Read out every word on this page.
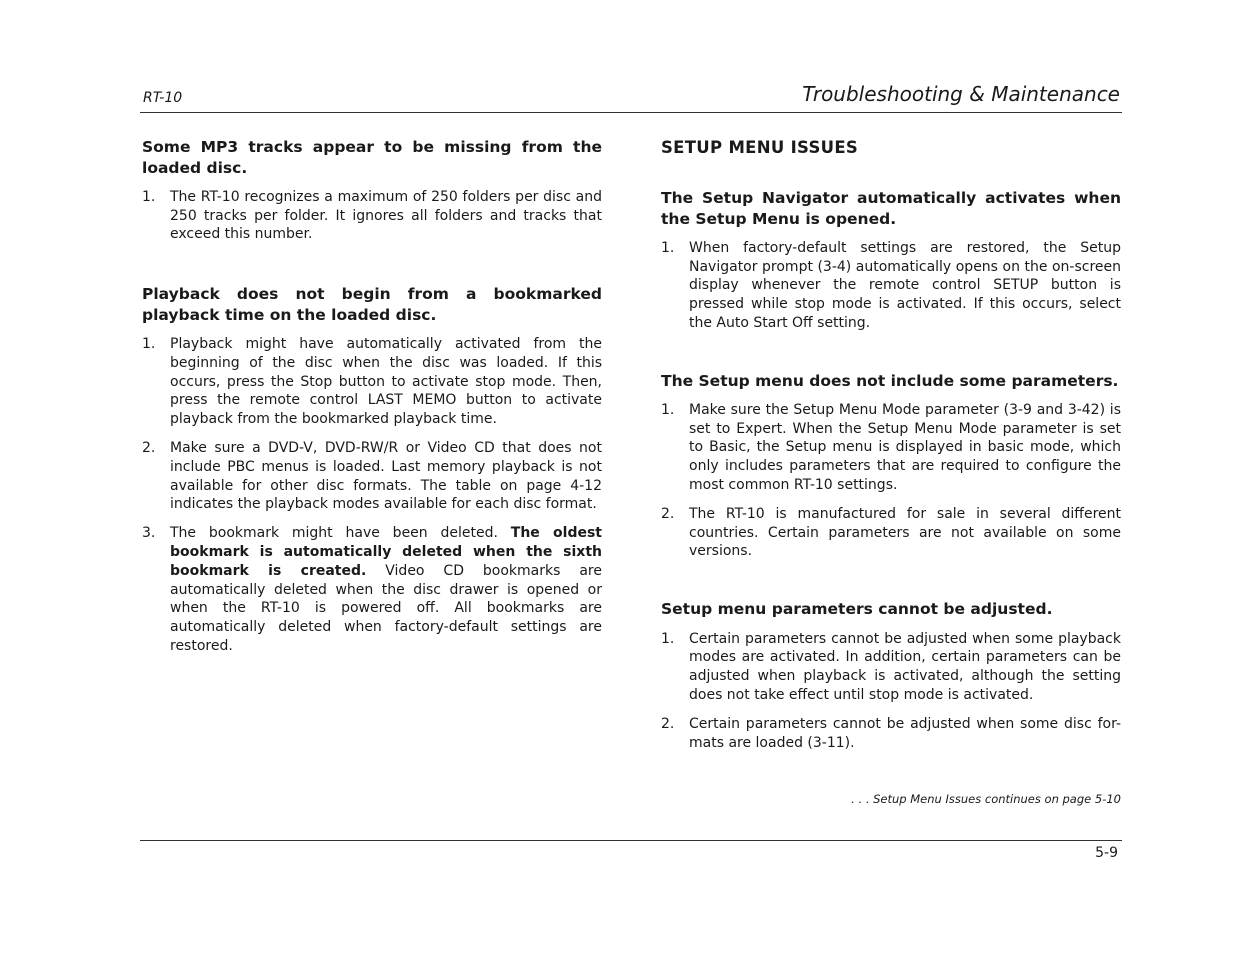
RT-10	Troubleshooting & Maintenance

Some MP3 tracks appear to be missing from the loaded disc.

1. The RT-10 recognizes a maximum of 250 folders per disc and 250 tracks per folder. It ignores all folders and tracks that exceed this number.

Playback does not begin from a bookmarked playback time on the loaded disc.

1. Playback might have automatically activated from the beginning of the disc when the disc was loaded. If this occurs, press the Stop button to activate stop mode. Then, press the remote control LAST MEMO button to activate playback from the bookmarked playback time.
2. Make sure a DVD-V, DVD-RW/R or Video CD that does not include PBC menus is loaded. Last memory playback is not available for other disc formats. The table on page 4-12 indicates the playback modes available for each disc format.
3. The bookmark might have been deleted. The oldest bookmark is automatically deleted when the sixth bookmark is created. Video CD bookmarks are automatically deleted when the disc drawer is opened or when the RT-10 is powered off. All bookmarks are automatically deleted when factory-default settings are restored.

SETUP MENU ISSUES

The Setup Navigator automatically activates when the Setup Menu is opened.

1. When factory-default settings are restored, the Setup Navigator prompt (3-4) automatically opens on the on-screen display whenever the remote control SETUP button is pressed while stop mode is activated. If this occurs, select the Auto Start Off setting.

The Setup menu does not include some parameters.

1. Make sure the Setup Menu Mode parameter (3-9 and 3-42) is set to Expert. When the Setup Menu Mode parameter is set to Basic, the Setup menu is displayed in basic mode, which only includes parameters that are required to configure the most common RT-10 settings.
2. The RT-10 is manufactured for sale in several different countries. Certain parameters are not available on some versions.

Setup menu parameters cannot be adjusted.

1. Certain parameters cannot be adjusted when some playback modes are activated. In addition, certain parameters can be adjusted when playback is activated, although the setting does not take effect until stop mode is activated.
2. Certain parameters cannot be adjusted when some disc for-mats are loaded (3-11).
. . . Setup Menu Issues continues on page 5-10
5-9
